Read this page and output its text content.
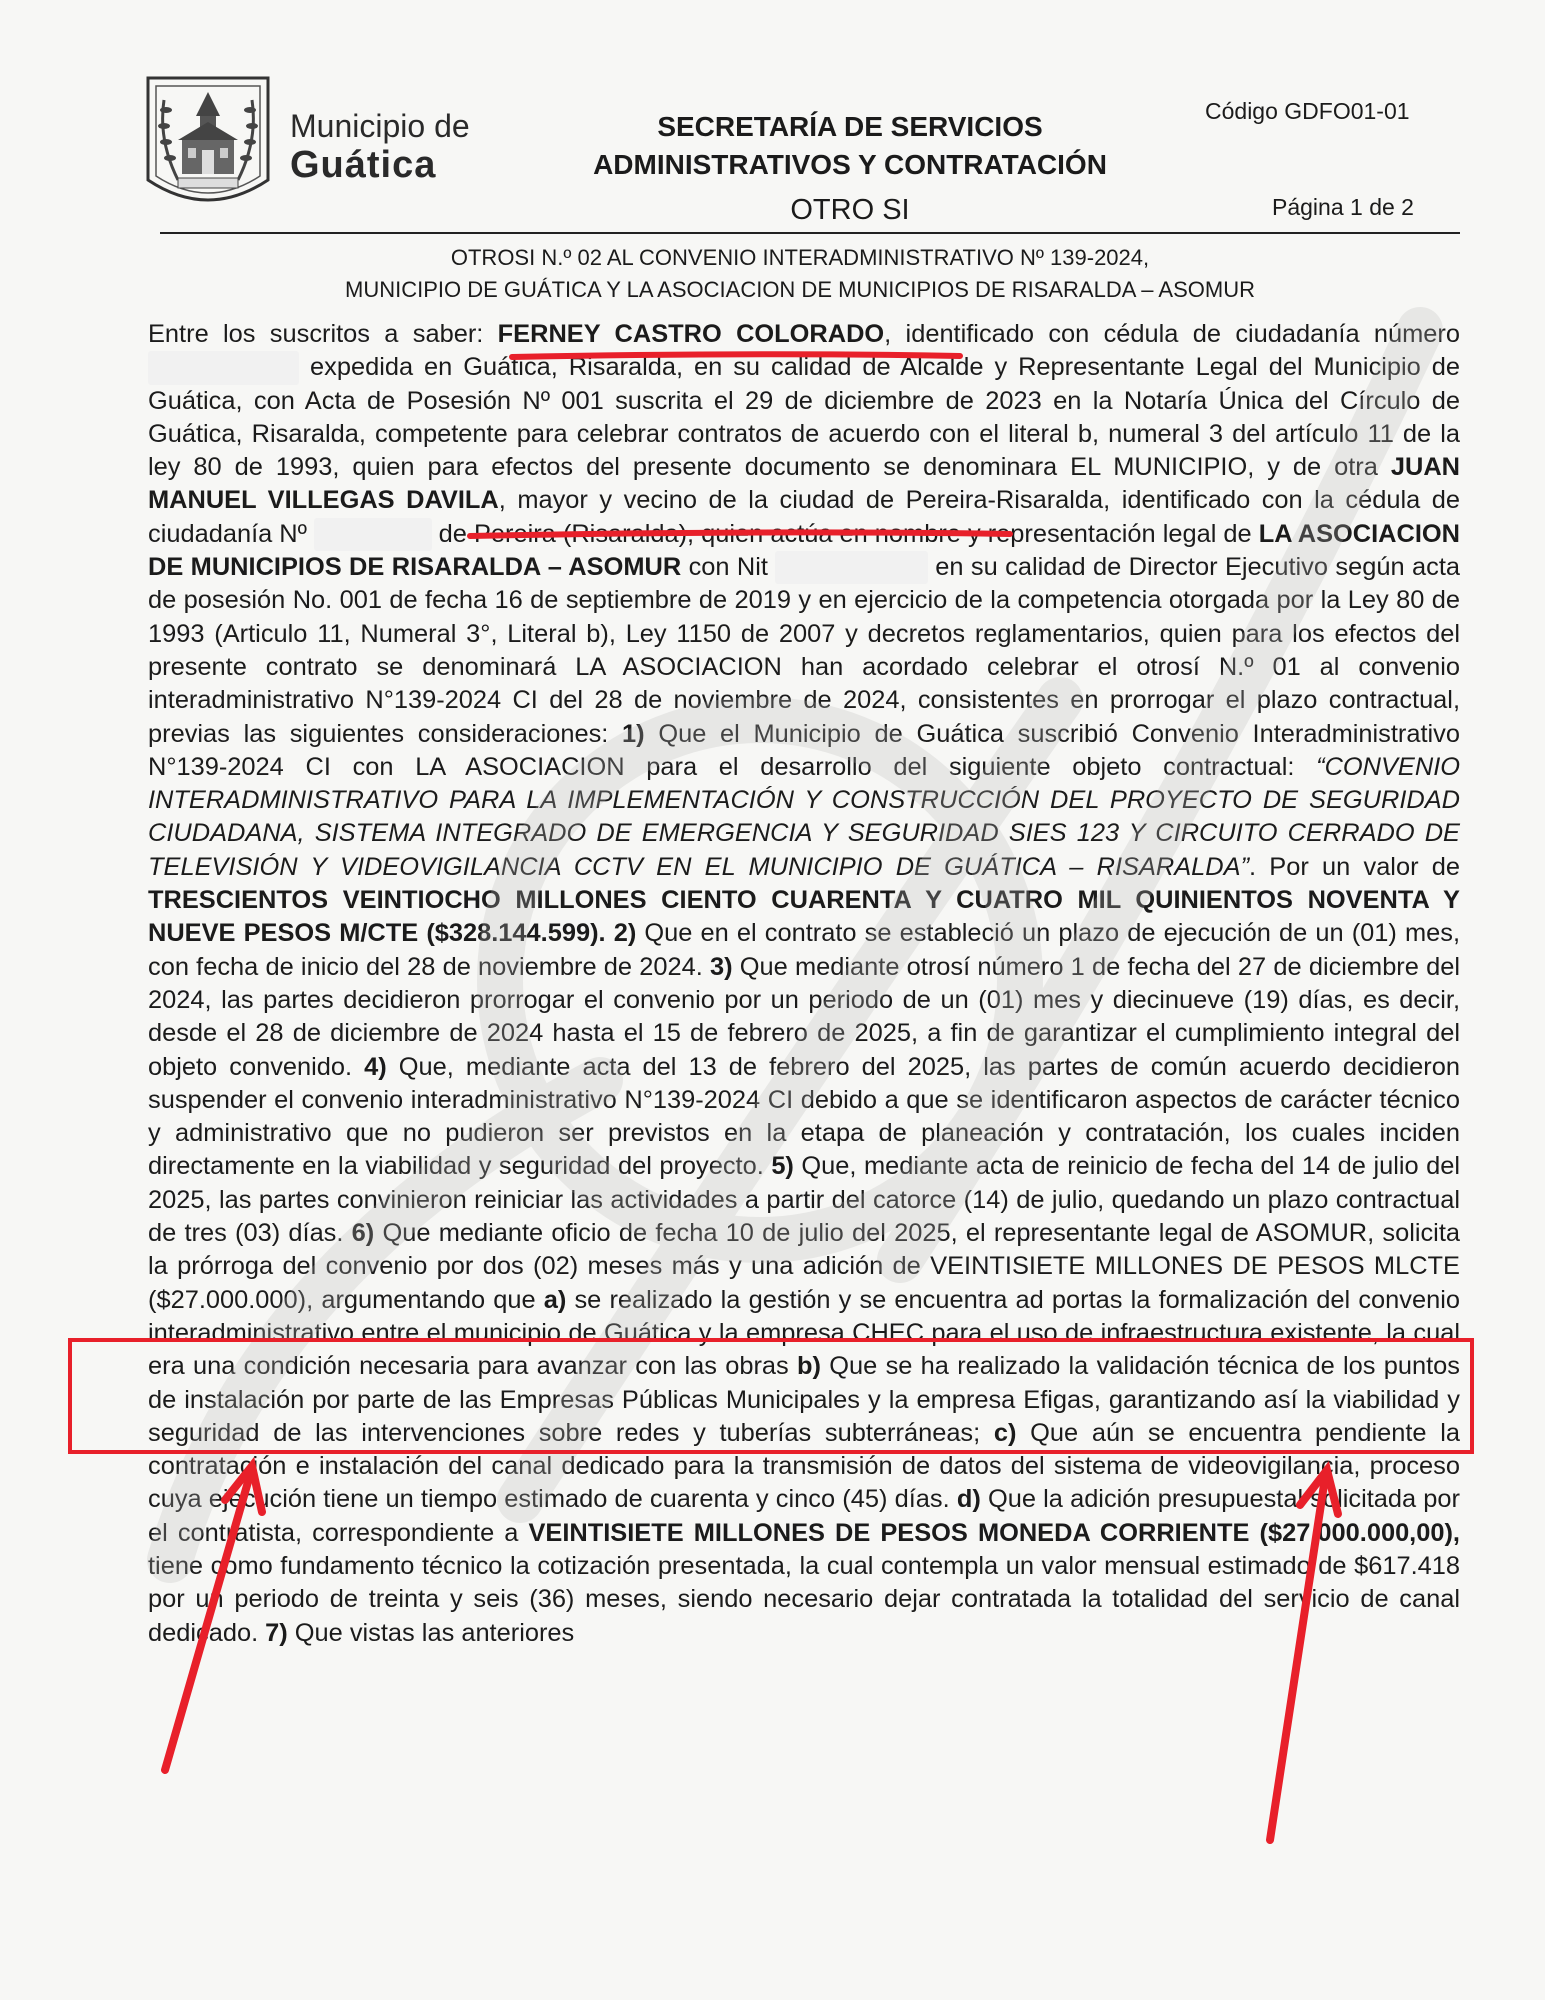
Municipio de
Guática
SECRETARÍA DE SERVICIOS
ADMINISTRATIVOS Y CONTRATACIÓN
OTRO SI
Código GDFO01-01
Página 1 de 2
OTROSI N.º 02 AL CONVENIO INTERADMINISTRATIVO Nº 139-2024,
MUNICIPIO DE GUÁTICA Y LA ASOCIACION DE MUNICIPIOS DE RISARALDA – ASOMUR
Entre los suscritos a saber: FERNEY CASTRO COLORADO, identificado con cédula de ciudadanía número  expedida en Guática, Risaralda, en su calidad de Alcalde y Representante Legal del Municipio de Guática, con Acta de Posesión Nº 001 suscrita el 29 de diciembre de 2023 en la Notaría Única del Círculo de Guática, Risaralda, competente para celebrar contratos de acuerdo con el literal b, numeral 3 del artículo 11 de la ley 80 de 1993, quien para efectos del presente documento se denominara EL MUNICIPIO, y de otra JUAN MANUEL VILLEGAS DAVILA, mayor y vecino de la ciudad de Pereira-Risaralda, identificado con la cédula de ciudadanía Nº	de Pereira (Risaralda), quien actúa en nombre y representación legal de LA ASOCIACION DE MUNICIPIOS DE RISARALDA – ASOMUR con Nit	en su calidad de Director Ejecutivo según acta de posesión No. 001 de fecha 16 de septiembre de 2019 y en ejercicio de la competencia otorgada por la Ley 80 de 1993 (Articulo 11, Numeral 3°, Literal b), Ley 1150 de 2007 y decretos reglamentarios, quien para los efectos del presente contrato se denominará LA ASOCIACION han acordado celebrar el otrosí N.º 01 al convenio interadministrativo N°139-2024 CI del 28 de noviembre de 2024, consistentes en prorrogar el plazo contractual, previas las siguientes consideraciones: 1) Que el Municipio de Guática suscribió Convenio Interadministrativo N°139-2024 CI con LA ASOCIACION para el desarrollo del siguiente objeto contractual: “CONVENIO INTERADMINISTRATIVO PARA LA IMPLEMENTACIÓN Y CONSTRUCCIÓN DEL PROYECTO DE SEGURIDAD CIUDADANA, SISTEMA INTEGRADO DE EMERGENCIA Y SEGURIDAD SIES 123 Y CIRCUITO CERRADO DE TELEVISIÓN Y VIDEOVIGILANCIA CCTV EN EL MUNICIPIO DE GUÁTICA – RISARALDA”. Por un valor de TRESCIENTOS VEINTIOCHO MILLONES CIENTO CUARENTA Y CUATRO MIL QUINIENTOS NOVENTA Y NUEVE PESOS M/CTE ($328.144.599). 2) Que en el contrato se estableció un plazo de ejecución de un (01) mes, con fecha de inicio del 28 de noviembre de 2024. 3) Que mediante otrosí número 1 de fecha del 27 de diciembre del 2024, las partes decidieron prorrogar el convenio por un periodo de un (01) mes y diecinueve (19) días, es decir, desde el 28 de diciembre de 2024 hasta el 15 de febrero de 2025, a fin de garantizar el cumplimiento integral del objeto convenido. 4) Que, mediante acta del 13 de febrero del 2025, las partes de común acuerdo decidieron suspender el convenio interadministrativo N°139-2024 CI debido a que se identificaron aspectos de carácter técnico y administrativo que no pudieron ser previstos en la etapa de planeación y contratación, los cuales inciden directamente en la viabilidad y seguridad del proyecto. 5) Que, mediante acta de reinicio de fecha del 14 de julio del 2025, las partes convinieron reiniciar las actividades a partir del catorce (14) de julio, quedando un plazo contractual de tres (03) días. 6) Que mediante oficio de fecha 10 de julio del 2025, el representante legal de ASOMUR, solicita la prórroga del convenio por dos (02) meses más y una adición de VEINTISIETE MILLONES DE PESOS MLCTE ($27.000.000), argumentando que a) se realizado la gestión y se encuentra ad portas la formalización del convenio interadministrativo entre el municipio de Guática y la empresa CHEC para el uso de infraestructura existente, la cual era una condición necesaria para avanzar con las obras b) Que se ha realizado la validación técnica de los puntos de instalación por parte de las Empresas Públicas Municipales y la empresa Efigas, garantizando así la viabilidad y seguridad de las intervenciones sobre redes y tuberías subterráneas; c) Que aún se encuentra pendiente la contratación e instalación del canal dedicado para la transmisión de datos del sistema de videovigilancia, proceso cuya ejecución tiene un tiempo estimado de cuarenta y cinco (45) días. d) Que la adición presupuestal solicitada por el contratista, correspondiente a VEINTISIETE MILLONES DE PESOS MONEDA CORRIENTE ($27.000.000,00), tiene como fundamento técnico la cotización presentada, la cual contempla un valor mensual estimado de $617.418 por un periodo de treinta y seis (36) meses, siendo necesario dejar contratada la totalidad del servicio de canal dedicado. 7) Que vistas las anteriores
